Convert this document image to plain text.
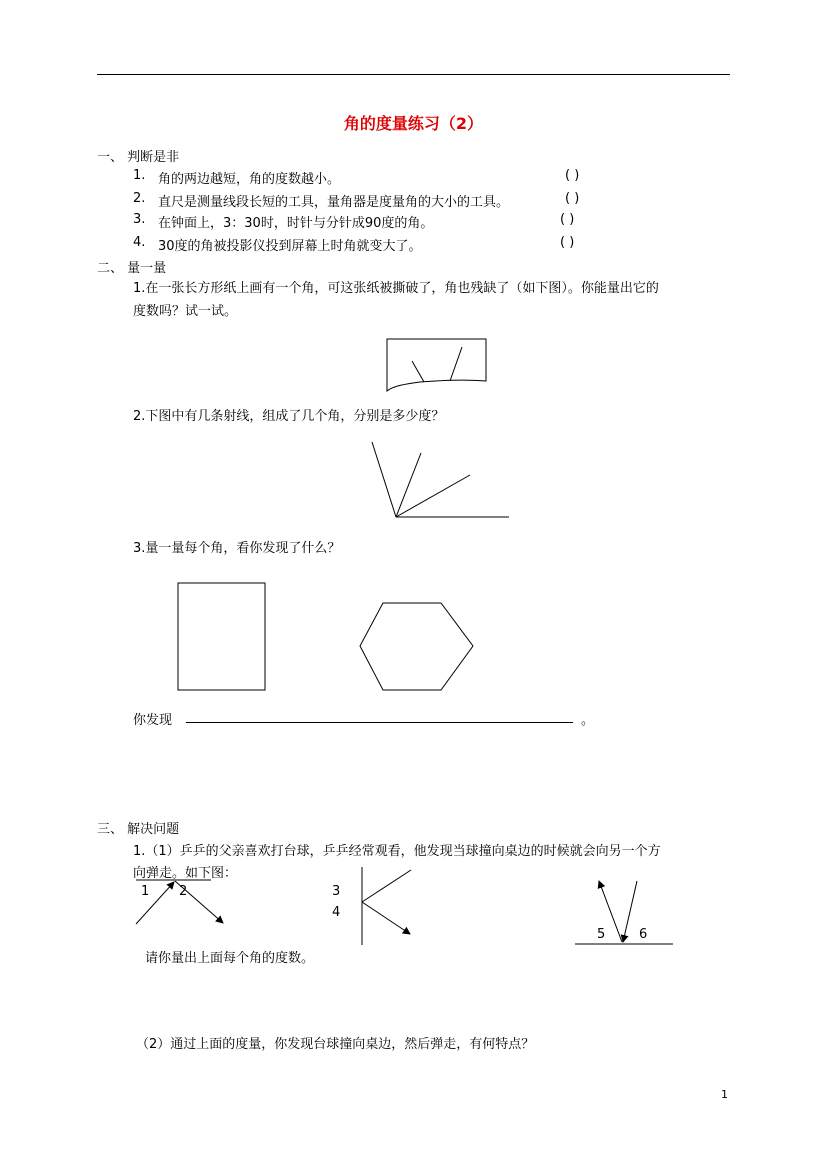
角的度量练习（2）
一、 判断是非
1. 角的两边越短，角的度数越小。	( )
2. 直尺是测量线段长短的工具，量角器是度量角的大小的工具。	( )
3. 在钟面上，3：30时，时针与分针成90度的角。	( )
4. 30度的角被投影仪投到屏幕上时角就变大了。	( )
二、 量一量
1.在一张长方形纸上画有一个角，可这张纸被撕破了，角也残缺了（如下图）。你能量出它的
度数吗？试一试。
2.下图中有几条射线，组成了几个角，分别是多少度？
3.量一量每个角，看你发现了什么？
你发现	。
三、 解决问题
1.（1）乒乒的父亲喜欢打台球，乒乒经常观看，他发现当球撞向桌边的时候就会向另一个方
向弹走。如下图：
1 2	3
4
5	6
请你量出上面每个角的度数。
（2）通过上面的度量，你发现台球撞向桌边，然后弹走，有何特点？
1
